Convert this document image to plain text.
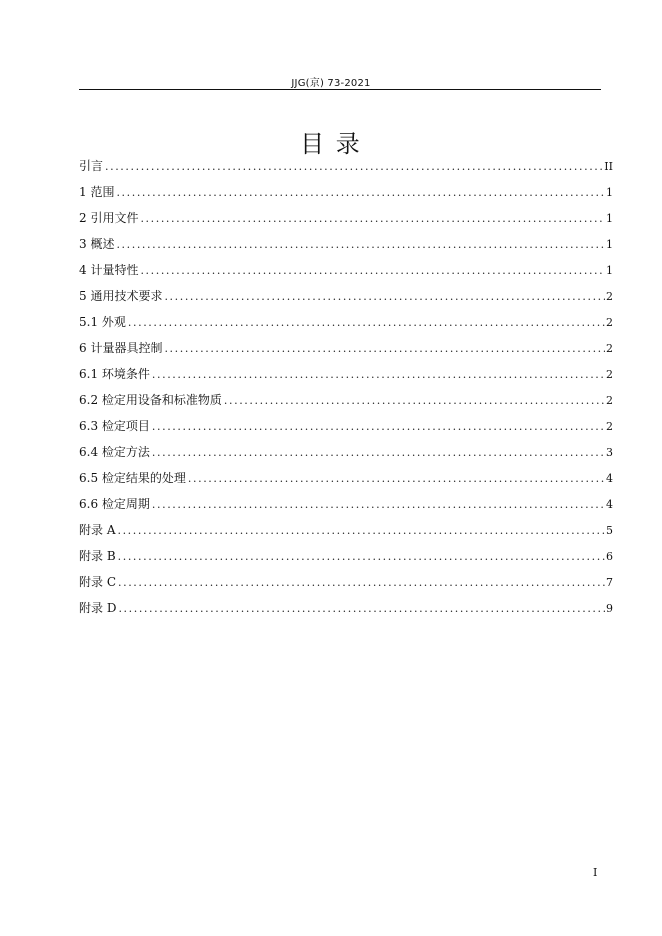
JJG(京) 73-2021
目 录
引言 .....	II
1 范围 .....	1
2 引用文件 .....	1
3 概述 .....	1
4 计量特性 .....	1
5 通用技术要求 .....	2
5.1 外观 .....	2
6 计量器具控制 .....	2
6.1 环境条件 .....	2
6.2 检定用设备和标准物质 .....	2
6.3 检定项目 .....	2
6.4 检定方法 .....	3
6.5 检定结果的处理 .....	4
6.6 检定周期 .....	4
附录 A .....	5
附录 B .....	6
附录 C .....	7
附录 D .....	9
I
